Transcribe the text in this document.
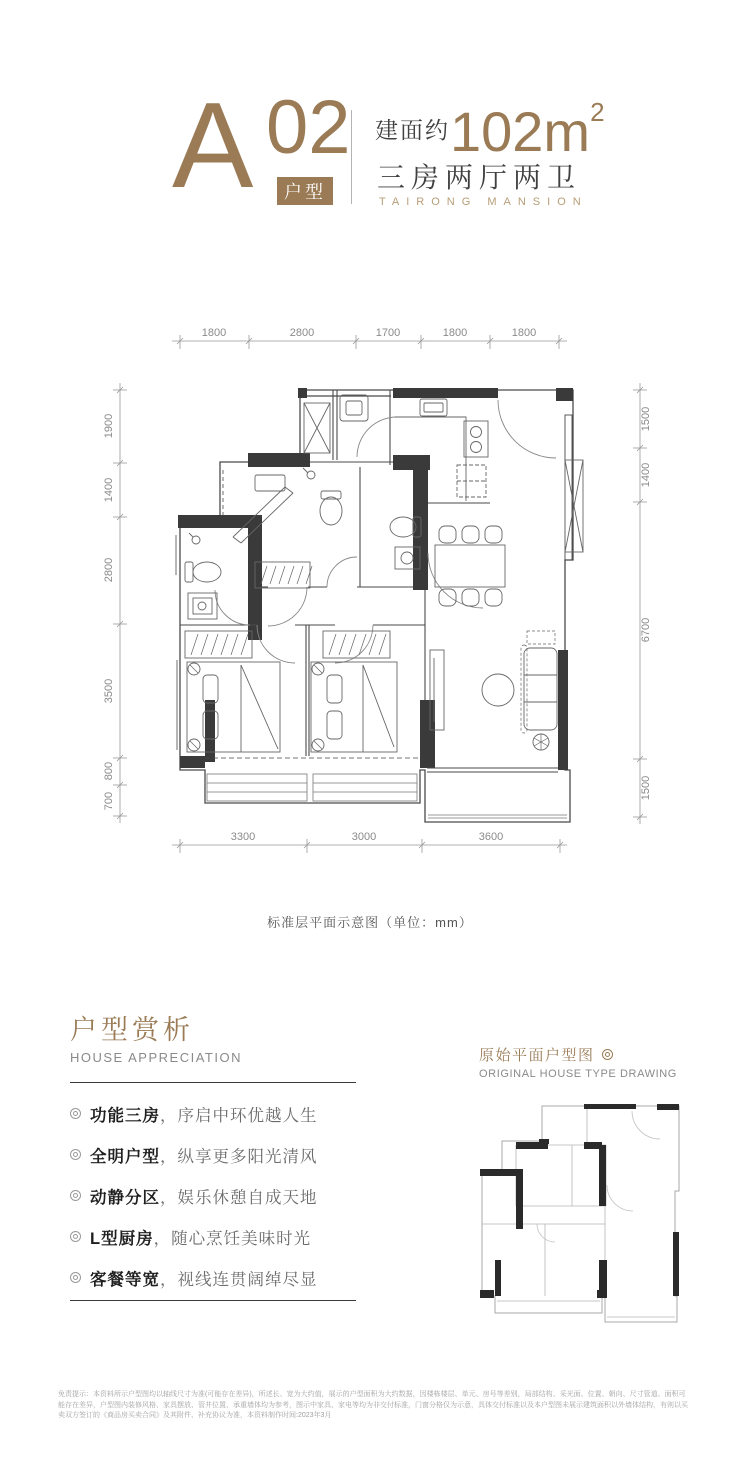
A 02
户型
建面约102m2
三房两厅两卫
TAIRONG MANSION
1800	2800	1700	1800	1800
1900
1400
2800
3500
800
700
1500
1400
6700
1500
3300	3000	3600
标准层平面示意图（单位：mm）
户型赏析
HOUSE APPRECIATION
功能三房 ，序启中环优越人生
全明户型 ，纵享更多阳光清风
动静分区 ，娱乐休憩自成天地
L型厨房 ，随心烹饪美味时光
客餐等宽 ，视线连贯阔绰尽显
原始平面户型图
ORIGINAL HOUSE TYPE DRAWING
免责提示：本资料所示户型图均以轴线尺寸为准(可能存在差异)，所述长、宽为大约值，展示的户型面积为大约数据，因楼栋楼层、单元、房号等差别，局部结构、采光面、位置、朝向、尺寸管道、面积可能存在差异，户型图内装修风格、家具摆放、管井位置、承重墙体均为参考，图示中家具、家电等均为非交付标准，门窗分格仅为示意，具体交付标准以及本户型图未展示建筑面积以外墙体结构，有则以买卖双方签订的《商品房买卖合同》及其附件、补充协议为准，本资料制作时间:2023年3月
